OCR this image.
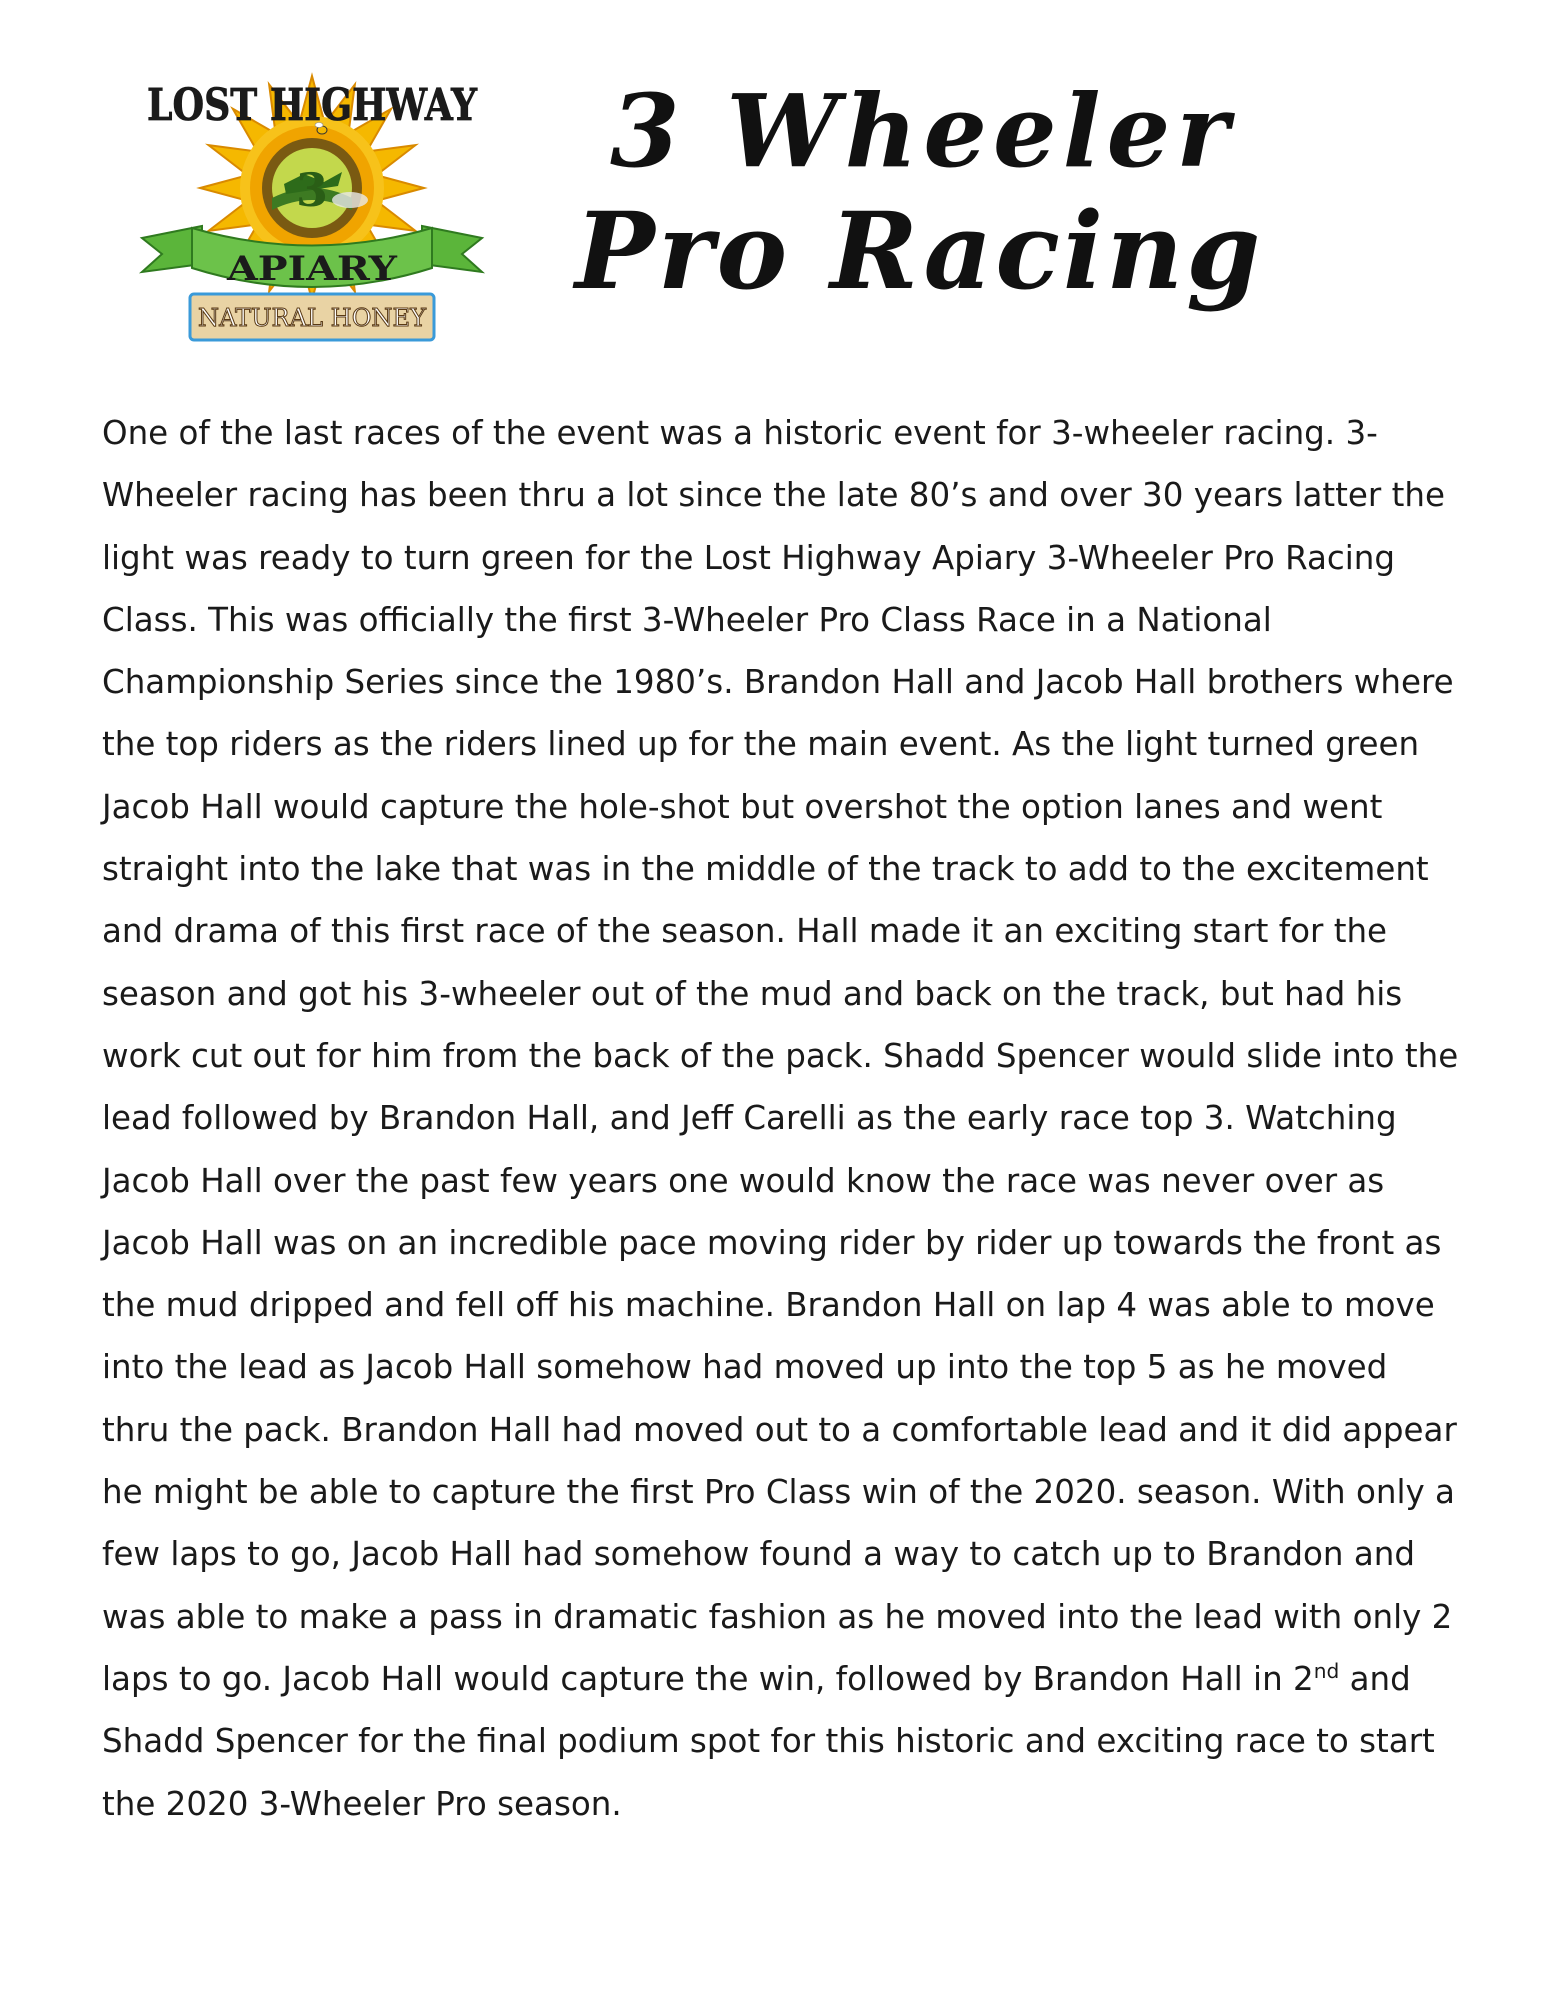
3
LOST HIGHWAY
APIARY
NATURAL HONEY
3 Wheeler
Pro Racing

One of the last races of the event was a historic event for 3-wheeler racing. 3-Wheeler racing has been thru a lot since the late 80’s and over 30 years latter the light was ready to turn green for the Lost Highway Apiary 3-Wheeler Pro Racing Class. This was officially the first 3-Wheeler Pro Class Race in a National Championship Series since the 1980’s. Brandon Hall and Jacob Hall brothers where the top riders as the riders lined up for the main event. As the light turned green Jacob Hall would capture the hole-shot but overshot the option lanes and went straight into the lake that was in the middle of the track to add to the excitement and drama of this first race of the season. Hall made it an exciting start for the season and got his 3-wheeler out of the mud and back on the track, but had his work cut out for him from the back of the pack. Shadd Spencer would slide into the lead followed by Brandon Hall, and Jeff Carelli as the early race top 3. Watching Jacob Hall over the past few years one would know the race was never over as Jacob Hall was on an incredible pace moving rider by rider up towards the front as the mud dripped and fell off his machine. Brandon Hall on lap 4 was able to move into the lead as Jacob Hall somehow had moved up into the top 5 as he moved thru the pack. Brandon Hall had moved out to a comfortable lead and it did appear he might be able to capture the first Pro Class win of the 2020. season. With only a few laps to go, Jacob Hall had somehow found a way to catch up to Brandon and was able to make a pass in dramatic fashion as he moved into the lead with only 2 laps to go. Jacob Hall would capture the win, followed by Brandon Hall in 2nd and Shadd Spencer for the final podium spot for this historic and exciting race to start the 2020 3-Wheeler Pro season.
